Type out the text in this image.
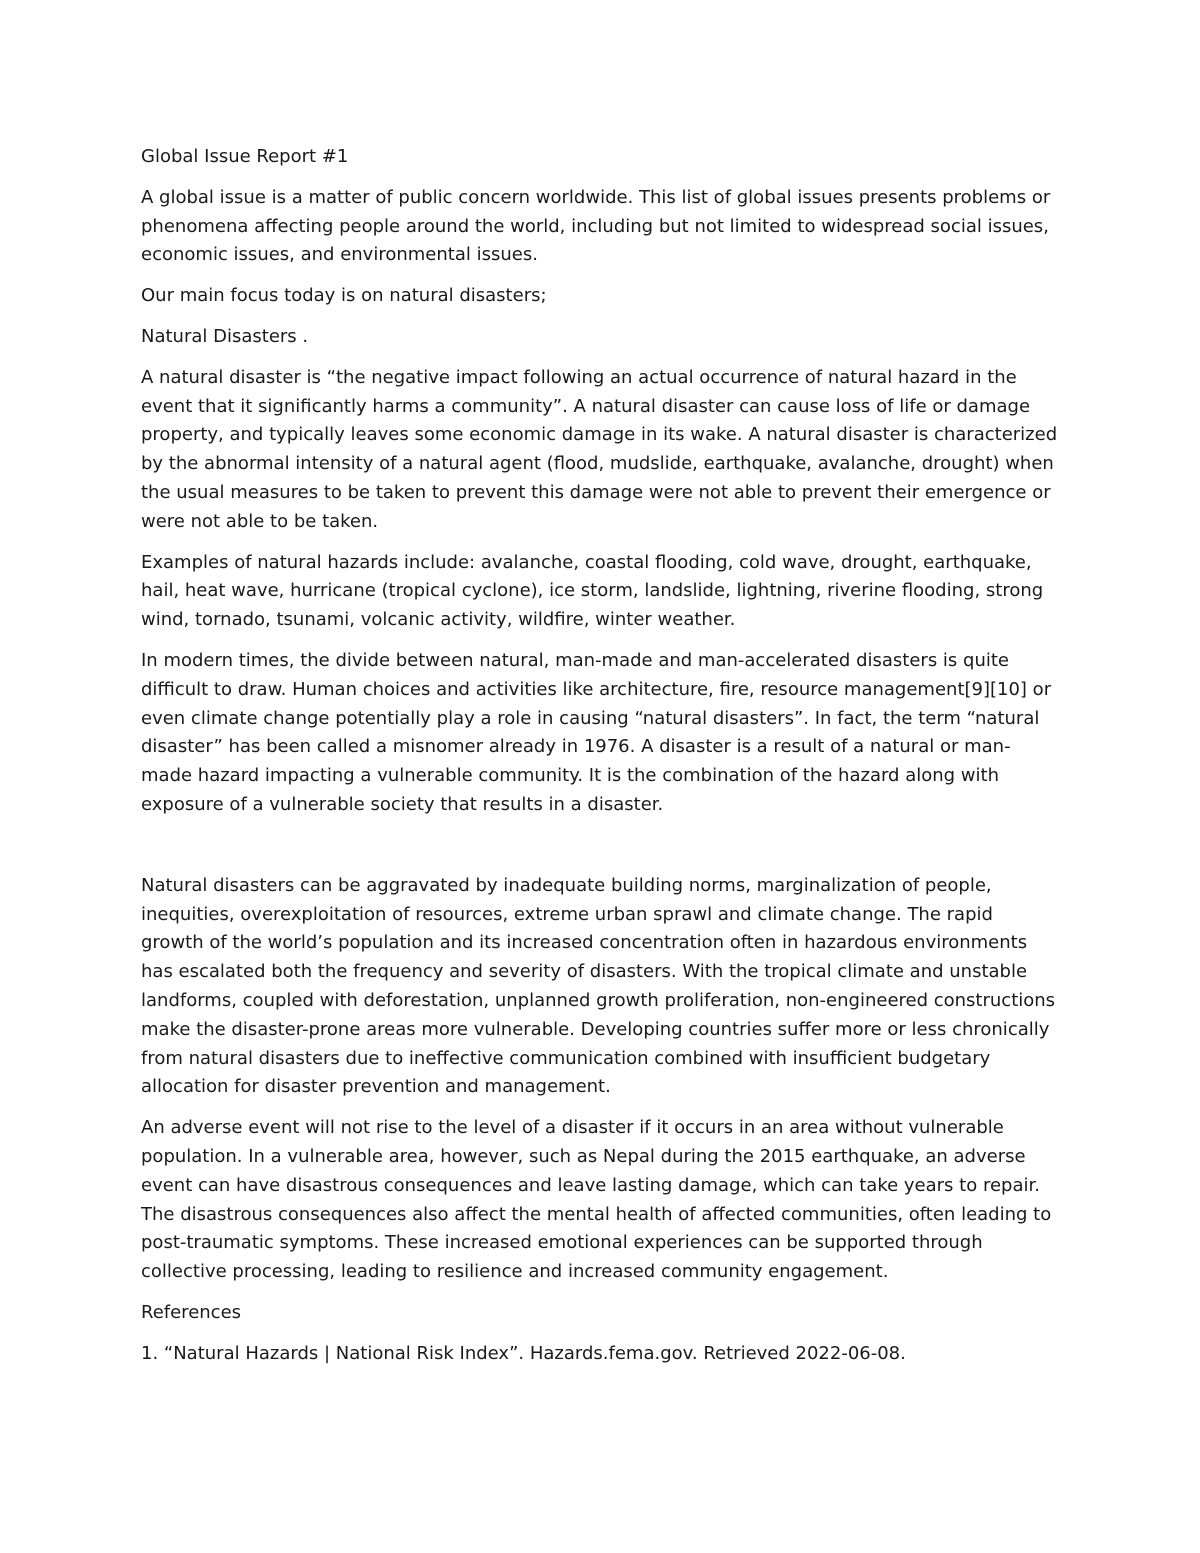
Global Issue Report #1

A global issue is a matter of public concern worldwide. This list of global issues presents problems or phenomena affecting people around the world, including but not limited to widespread social issues, economic issues, and environmental issues.

Our main focus today is on natural disasters;

Natural Disasters .

A natural disaster is “the negative impact following an actual occurrence of natural hazard in the event that it significantly harms a community”. A natural disaster can cause loss of life or damage property, and typically leaves some economic damage in its wake. A natural disaster is characterized by the abnormal intensity of a natural agent (flood, mudslide, earthquake, avalanche, drought) when the usual measures to be taken to prevent this damage were not able to prevent their emergence or were not able to be taken.

Examples of natural hazards include: avalanche, coastal flooding, cold wave, drought, earthquake, hail, heat wave, hurricane (tropical cyclone), ice storm, landslide, lightning, riverine flooding, strong wind, tornado, tsunami, volcanic activity, wildfire, winter weather.

In modern times, the divide between natural, man-made and man-accelerated disasters is quite difficult to draw. Human choices and activities like architecture, fire, resource management[9][10] or even climate change potentially play a role in causing “natural disasters”. In fact, the term “natural disaster” has been called a misnomer already in 1976. A disaster is a result of a natural or man-made hazard impacting a vulnerable community. It is the combination of the hazard along with exposure of a vulnerable society that results in a disaster.

Natural disasters can be aggravated by inadequate building norms, marginalization of people, inequities, overexploitation of resources, extreme urban sprawl and climate change. The rapid growth of the world’s population and its increased concentration often in hazardous environments has escalated both the frequency and severity of disasters. With the tropical climate and unstable landforms, coupled with deforestation, unplanned growth proliferation, non-engineered constructions make the disaster-prone areas more vulnerable. Developing countries suffer more or less chronically from natural disasters due to ineffective communication combined with insufficient budgetary allocation for disaster prevention and management.

An adverse event will not rise to the level of a disaster if it occurs in an area without vulnerable population. In a vulnerable area, however, such as Nepal during the 2015 earthquake, an adverse event can have disastrous consequences and leave lasting damage, which can take years to repair. The disastrous consequences also affect the mental health of affected communities, often leading to post-traumatic symptoms. These increased emotional experiences can be supported through collective processing, leading to resilience and increased community engagement.

References

1. “Natural Hazards | National Risk Index”. Hazards.fema.gov. Retrieved 2022-06-08.
